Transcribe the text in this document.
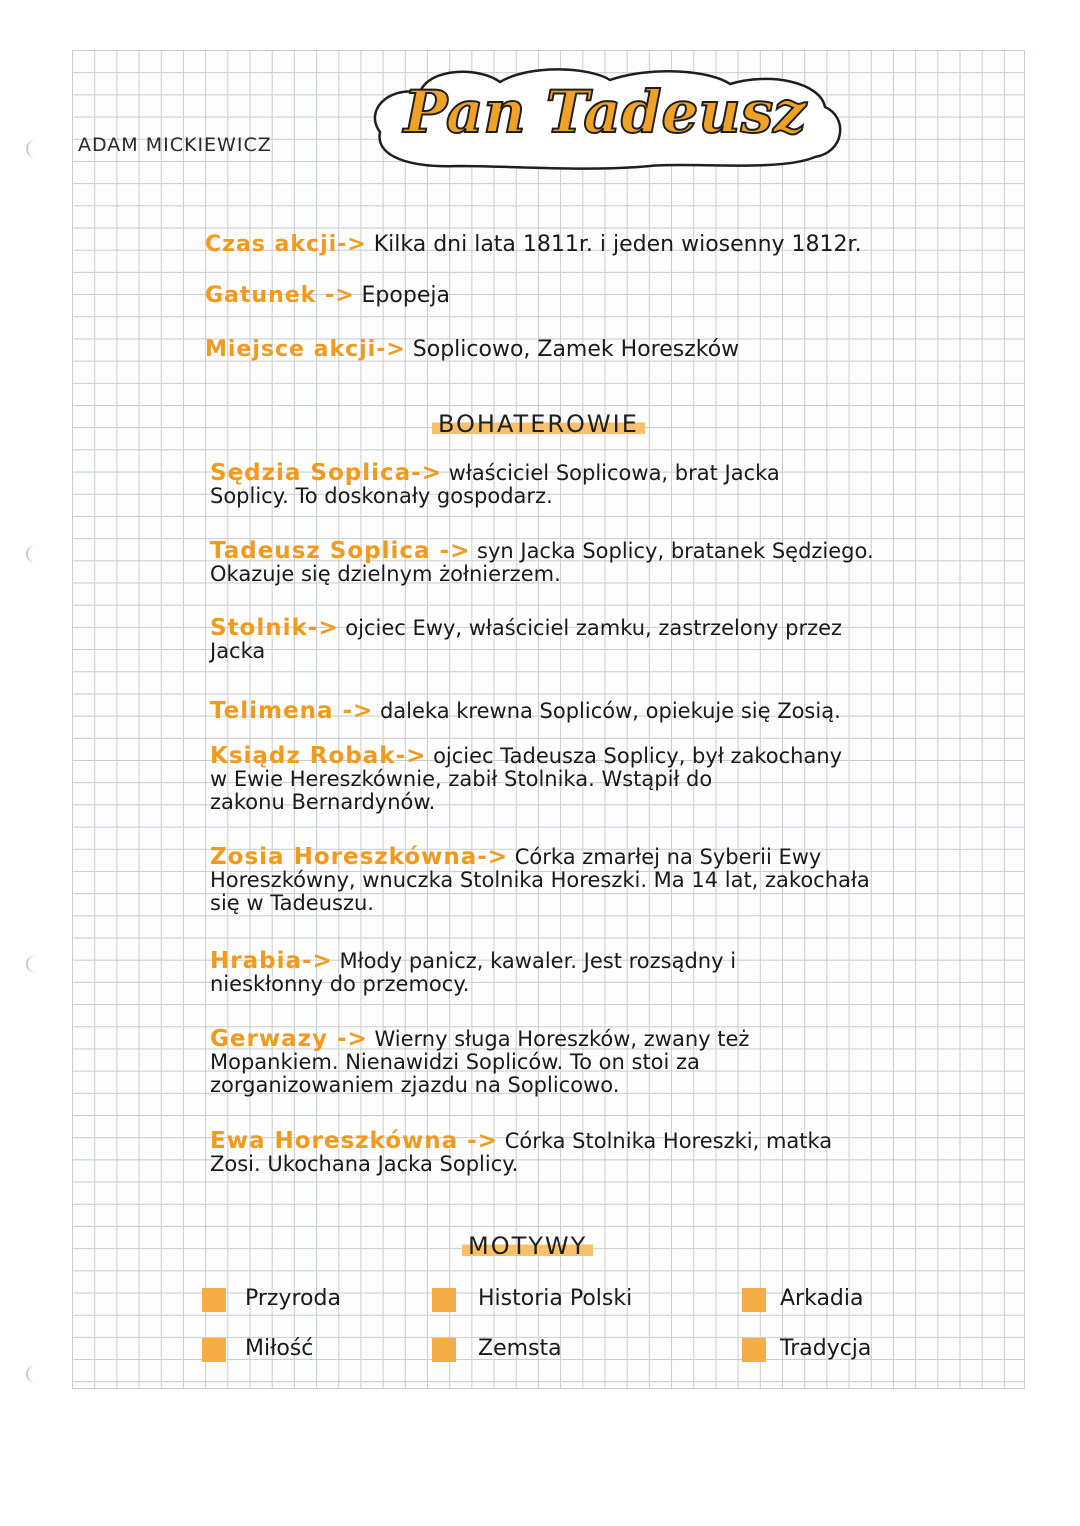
ADAM MICKIEWICZ	Pan Tadeusz
Czas akcji-> Kilka dni lata 1811r. i jeden wiosenny 1812r.
Gatunek -> Epopeja
Miejsce akcji-> Soplicowo, Zamek Horeszków
BOHATEROWIE
Sędzia Soplica-> właściciel Soplicowa, brat Jacka
Soplicy. To doskonały gospodarz.
Tadeusz Soplica -> syn Jacka Soplicy, bratanek Sędziego.
Okazuje się dzielnym żołnierzem.
Stolnik-> ojciec Ewy, właściciel zamku, zastrzelony przez
Jacka
Telimena -> daleka krewna Sopliców, opiekuje się Zosią.
Ksiądz Robak-> ojciec Tadeusza Soplicy, był zakochany
w Ewie Hereszkównie, zabił Stolnika. Wstąpił do
zakonu Bernardynów.
Zosia Horeszkówna-> Córka zmarłej na Syberii Ewy
Horeszkówny, wnuczka Stolnika Horeszki. Ma 14 lat, zakochała
się w Tadeuszu.
Hrabia-> Młody panicz, kawaler. Jest rozsądny i
nieskłonny do przemocy.
Gerwazy -> Wierny sługa Horeszków, zwany też
Mopankiem. Nienawidzi Sopliców. To on stoi za
zorganizowaniem zjazdu na Soplicowo.
Ewa Horeszkówna -> Córka Stolnika Horeszki, matka
Zosi. Ukochana Jacka Soplicy.
MOTYWY
Przyroda	Historia Polski	Arkadia
Miłość	Zemsta	Tradycja
